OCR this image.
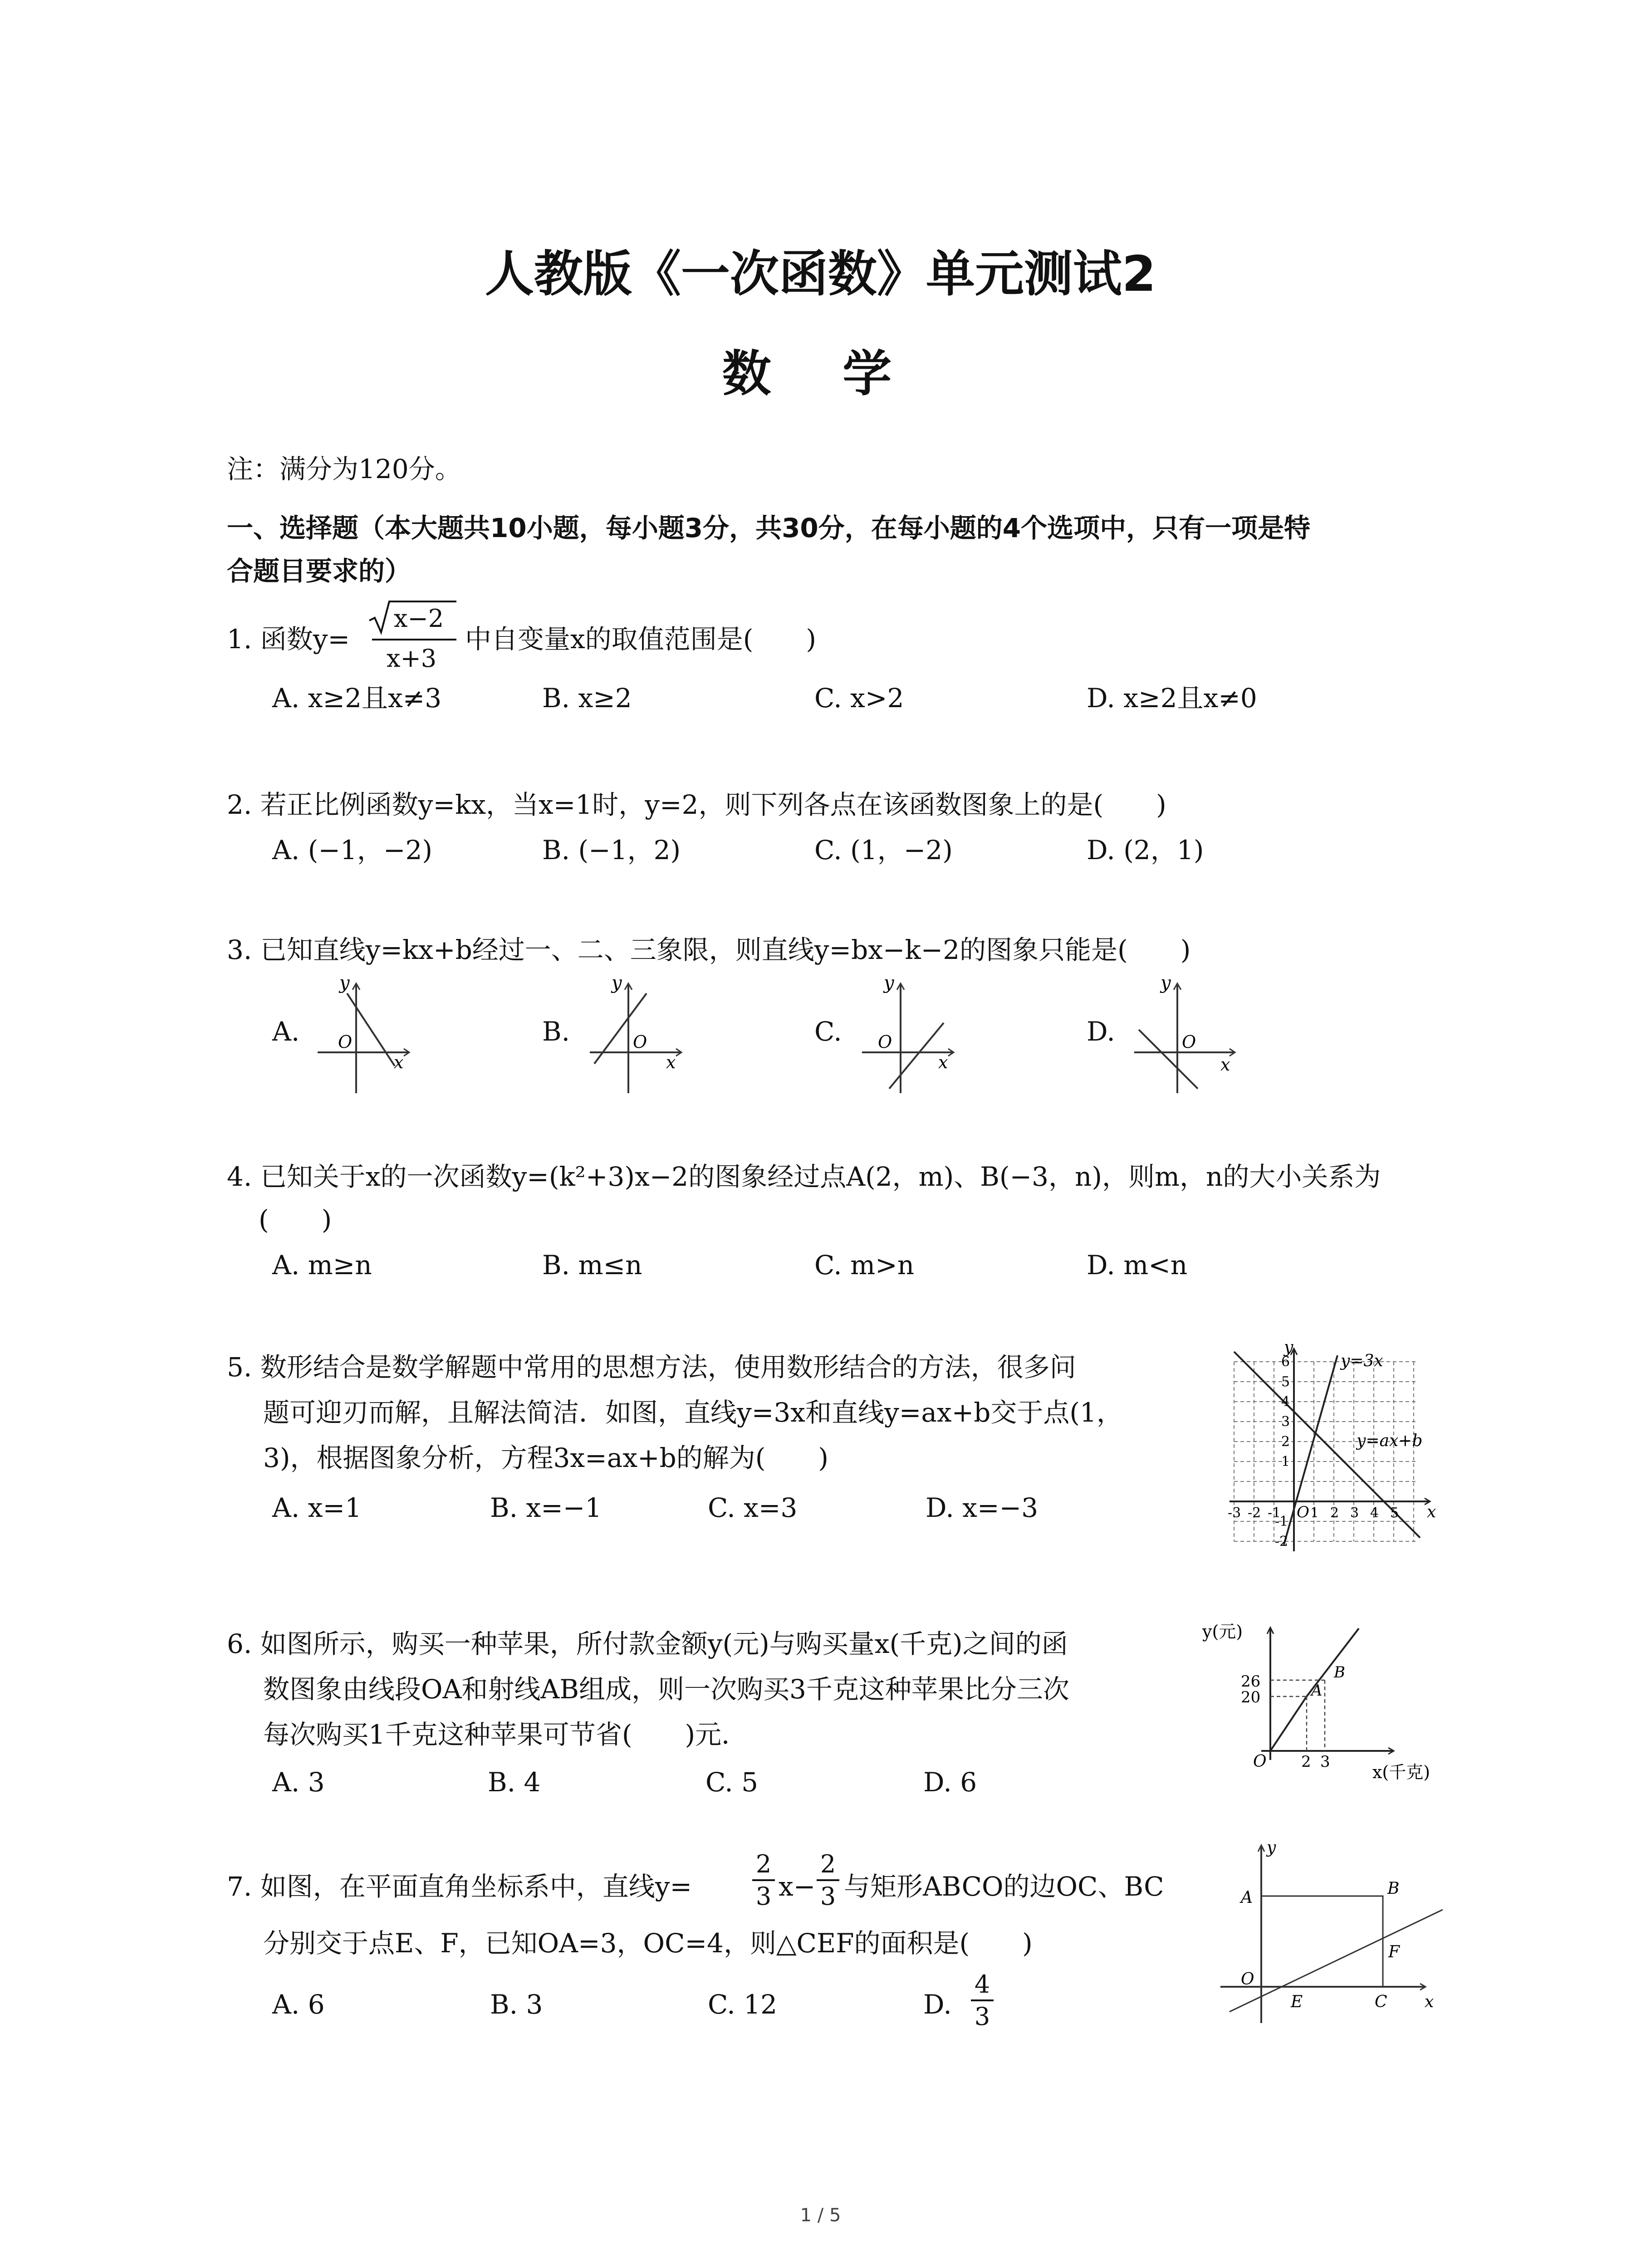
人教版《一次函数》单元测试2
数 学
注：满分为120分。
一、选择题（本大题共10小题，每小题3分，共30分，在每小题的4个选项中，只有一项是特
合题目要求的）
1. 函数y=
x−2
x+3
中自变量x的取值范围是(　　)
A. x≥2且x≠3	B. x≥2	C. x>2	D. x≥2且x≠0
2. 若正比例函数y=kx，当x=1时，y=2，则下列各点在该函数图象上的是(　　)
A. (−1，−2)	B. (−1，2)	C. (1，−2)	D. (2，1)
3. 已知直线y=kx+b经过一、二、三象限，则直线y=bx−k−2的图象只能是(　　)
A.	B.	C.	D.
y
O
x
y
O
x
y
O
x
y
O
x
4. 已知关于x的一次函数y=(k²+3)x−2的图象经过点A(2，m)、B(−3，n)，则m，n的大小关系为
(　　)
A. m≥n	B. m≤n	C. m>n	D. m<n
5. 数形结合是数学解题中常用的思想方法，使用数形结合的方法，很多问
题可迎刃而解，且解法简洁．如图，直线y=3x和直线y=ax+b交于点(1，
3)，根据图象分析，方程3x=ax+b的解为(　　)
A. x=1	B. x=−1	C. x=3	D. x=−3
y=3x
y=ax+b
y
x
O
-3 -2 -1 1 2 3 4 5
6
5
4
3
2
1
-1
-2
6. 如图所示，购买一种苹果，所付款金额y(元)与购买量x(千克)之间的函
数图象由线段OA和射线AB组成，则一次购买3千克这种苹果比分三次
每次购买1千克这种苹果可节省(　　)元．
A. 3	B. 4	C. 5	D. 6
y(元)
x(千克)
O
26
20
2 3
A
B
7. 如图，在平面直角坐标系中，直线y=
2
3 x−
2
3 与矩形ABCO的边OC、BC
分别交于点E、F，已知OA=3，OC=4，则△CEF的面积是(　　)
A. 6	B. 3	C. 12	D.
4
3
y
x
A	B
O
E	C
F
1 / 5
